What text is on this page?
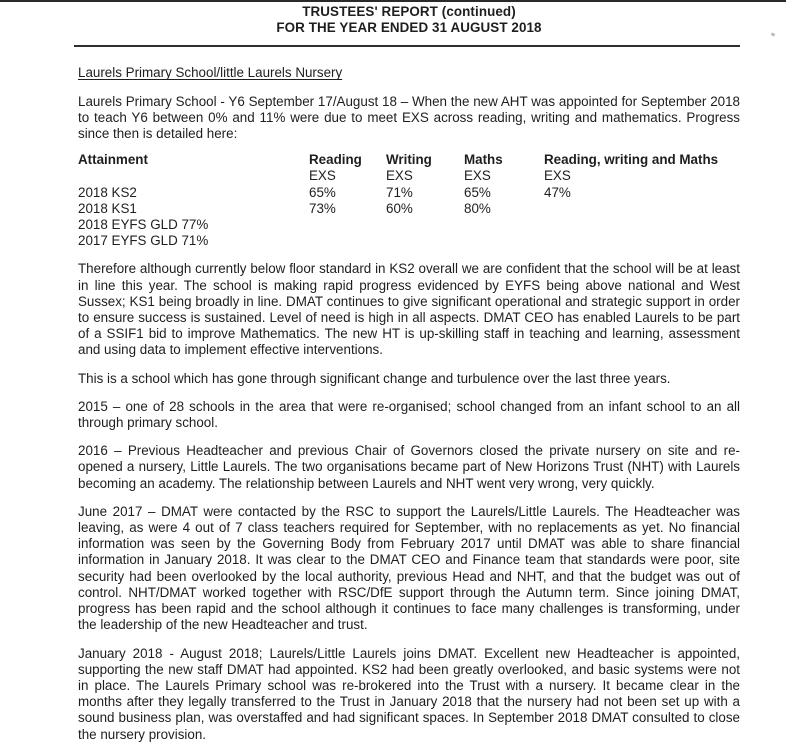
TRUSTEES' REPORT (continued)
FOR THE YEAR ENDED 31 AUGUST 2018
Laurels Primary School/little Laurels Nursery

Laurels Primary School - Y6 September 17/August 18 – When the new AHT was appointed for September 2018 to teach Y6 between 0% and 11% were due to meet EXS across reading, writing and mathematics. Progress since then is detailed here:

Attainment	Reading	Writing	Maths	Reading, writing and Maths
	EXS	EXS	EXS	EXS
2018 KS2	65%	71%	65%	47%
2018 KS1	73%	60%	80%	
2018 EYFS GLD 77%				
2017 EYFS GLD 71%				

Therefore although currently below floor standard in KS2 overall we are confident that the school will be at least in line this year. The school is making rapid progress evidenced by EYFS being above national and West Sussex; KS1 being broadly in line. DMAT continues to give significant operational and strategic support in order to ensure success is sustained. Level of need is high in all aspects. DMAT CEO has enabled Laurels to be part of a SSIF1 bid to improve Mathematics. The new HT is up-skilling staff in teaching and learning, assessment and using data to implement effective interventions.

This is a school which has gone through significant change and turbulence over the last three years.

2015 – one of 28 schools in the area that were re-organised; school changed from an infant school to an all through primary school.

2016 – Previous Headteacher and previous Chair of Governors closed the private nursery on site and re-opened a nursery, Little Laurels. The two organisations became part of New Horizons Trust (NHT) with Laurels becoming an academy. The relationship between Laurels and NHT went very wrong, very quickly.

June 2017 – DMAT were contacted by the RSC to support the Laurels/Little Laurels. The Headteacher was leaving, as were 4 out of 7 class teachers required for September, with no replacements as yet. No financial information was seen by the Governing Body from February 2017 until DMAT was able to share financial information in January 2018. It was clear to the DMAT CEO and Finance team that standards were poor, site security had been overlooked by the local authority, previous Head and NHT, and that the budget was out of control. NHT/DMAT worked together with RSC/DfE support through the Autumn term. Since joining DMAT, progress has been rapid and the school although it continues to face many challenges is transforming, under the leadership of the new Headteacher and trust.

January 2018 - August 2018; Laurels/Little Laurels joins DMAT. Excellent new Headteacher is appointed, supporting the new staff DMAT had appointed. KS2 had been greatly overlooked, and basic systems were not in place. The Laurels Primary school was re-brokered into the Trust with a nursery. It became clear in the months after they legally transferred to the Trust in January 2018 that the nursery had not been set up with a sound business plan, was overstaffed and had significant spaces. In September 2018 DMAT consulted to close the nursery provision.
